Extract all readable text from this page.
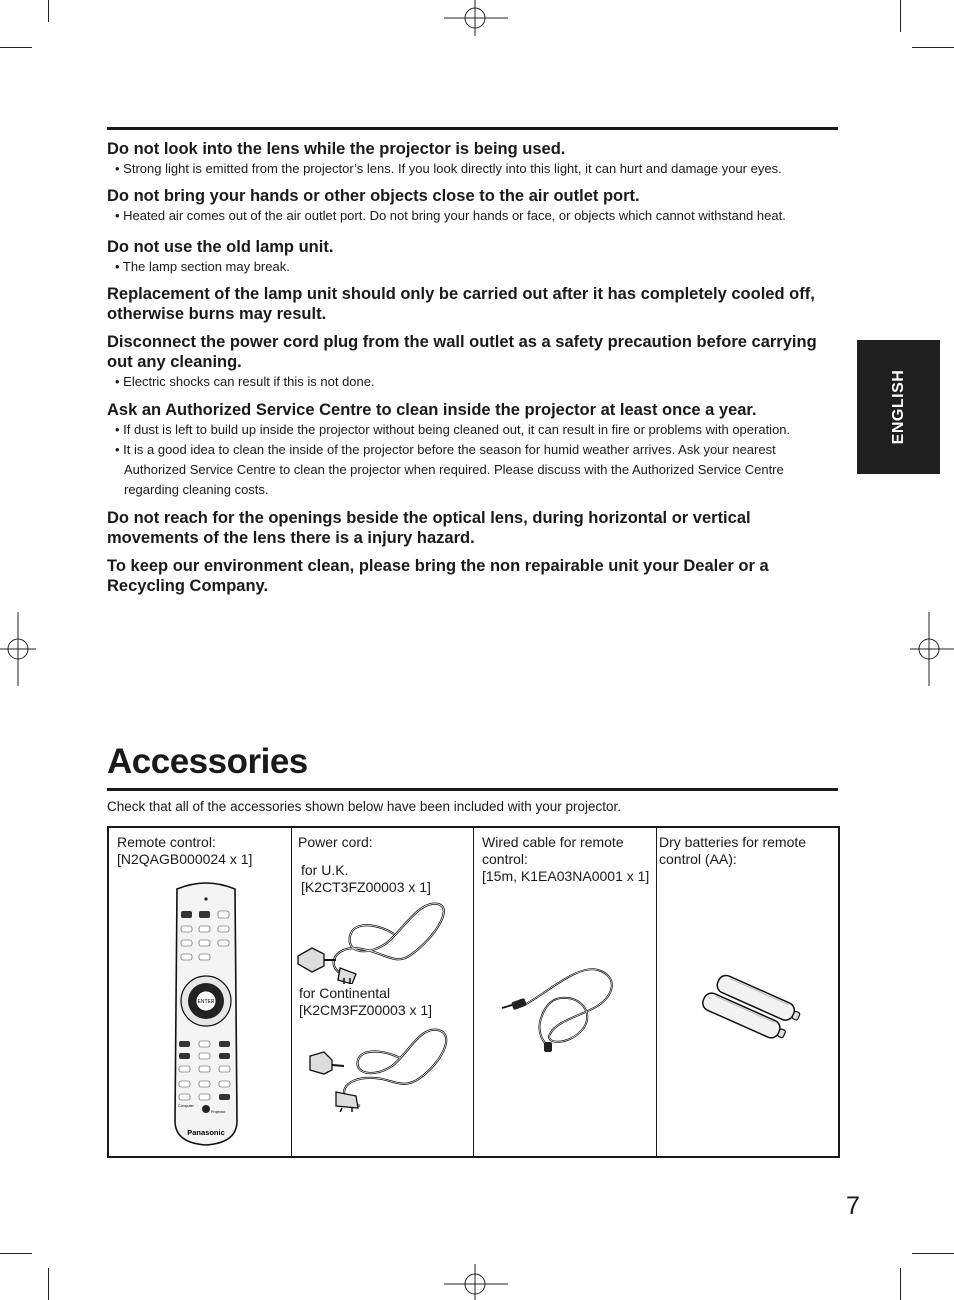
Do not look into the lens while the projector is being used.

• Strong light is emitted from the projector’s lens. If you look directly into this light, it can hurt and damage your eyes.

Do not bring your hands or other objects close to the air outlet port.

• Heated air comes out of the air outlet port. Do not bring your hands or face, or objects which cannot withstand heat.

Do not use the old lamp unit.

• The lamp section may break.

Replacement of the lamp unit should only be carried out after it has completely cooled off, otherwise burns may result.

Disconnect the power cord plug from the wall outlet as a safety precaution before carrying out any cleaning.

• Electric shocks can result if this is not done.

Ask an Authorized Service Centre to clean inside the projector at least once a year.

• If dust is left to build up inside the projector without being cleaned out, it can result in fire or problems with operation.

• It is a good idea to clean the inside of the projector before the season for humid weather arrives. Ask your nearest Authorized Service Centre to clean the projector when required. Please discuss with the Authorized Service Centre regarding cleaning costs.

Do not reach for the openings beside the optical lens, during horizontal or vertical movements of the lens there is a injury hazard.

To keep our environment clean, please bring the non repairable unit your Dealer or a Recycling Company.

ENGLISH
Accessories
Check that all of the accessories shown below have been included with your projector.
Remote control:
[N2QAGB000024 x 1]
ENTER
Computer
Projector
Panasonic
Power cord:
for U.K.
[K2CT3FZ00003 x 1]
for Continental
[K2CM3FZ00003 x 1]
Wired cable for remote
control:
[15m, K1EA03NA0001 x 1]
Dry batteries for remote
control (AA):
7
